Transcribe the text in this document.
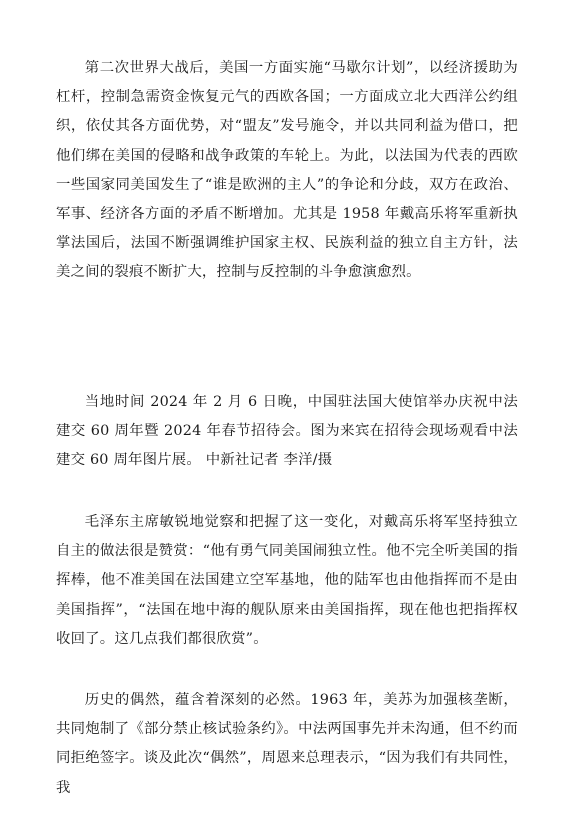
第二次世界大战后，美国一方面实施“马歇尔计划”，以经济援助为杠杆，控制急需资金恢复元气的西欧各国；一方面成立北大西洋公约组织，依仗其各方面优势，对“盟友”发号施令，并以共同利益为借口，把他们绑在美国的侵略和战争政策的车轮上。为此，以法国为代表的西欧一些国家同美国发生了“谁是欧洲的主人”的争论和分歧，双方在政治、军事、经济各方面的矛盾不断增加。尤其是 1958 年戴高乐将军重新执掌法国后，法国不断强调维护国家主权、民族利益的独立自主方针，法美之间的裂痕不断扩大，控制与反控制的斗争愈演愈烈。

当地时间 2024 年 2 月 6 日晚，中国驻法国大使馆举办庆祝中法建交 60 周年暨 2024 年春节招待会。图为来宾在招待会现场观看中法建交 60 周年图片展。 中新社记者 李洋/摄

毛泽东主席敏锐地觉察和把握了这一变化，对戴高乐将军坚持独立自主的做法很是赞赏：“他有勇气同美国闹独立性。他不完全听美国的指挥棒，他不准美国在法国建立空军基地，他的陆军也由他指挥而不是由美国指挥”，“法国在地中海的舰队原来由美国指挥，现在他也把指挥权收回了。这几点我们都很欣赏”。

历史的偶然，蕴含着深刻的必然。1963 年，美苏为加强核垄断，共同炮制了《部分禁止核试验条约》。中法两国事先并未沟通，但不约而同拒绝签字。谈及此次“偶然”，周恩来总理表示，“因为我们有共同性，我
